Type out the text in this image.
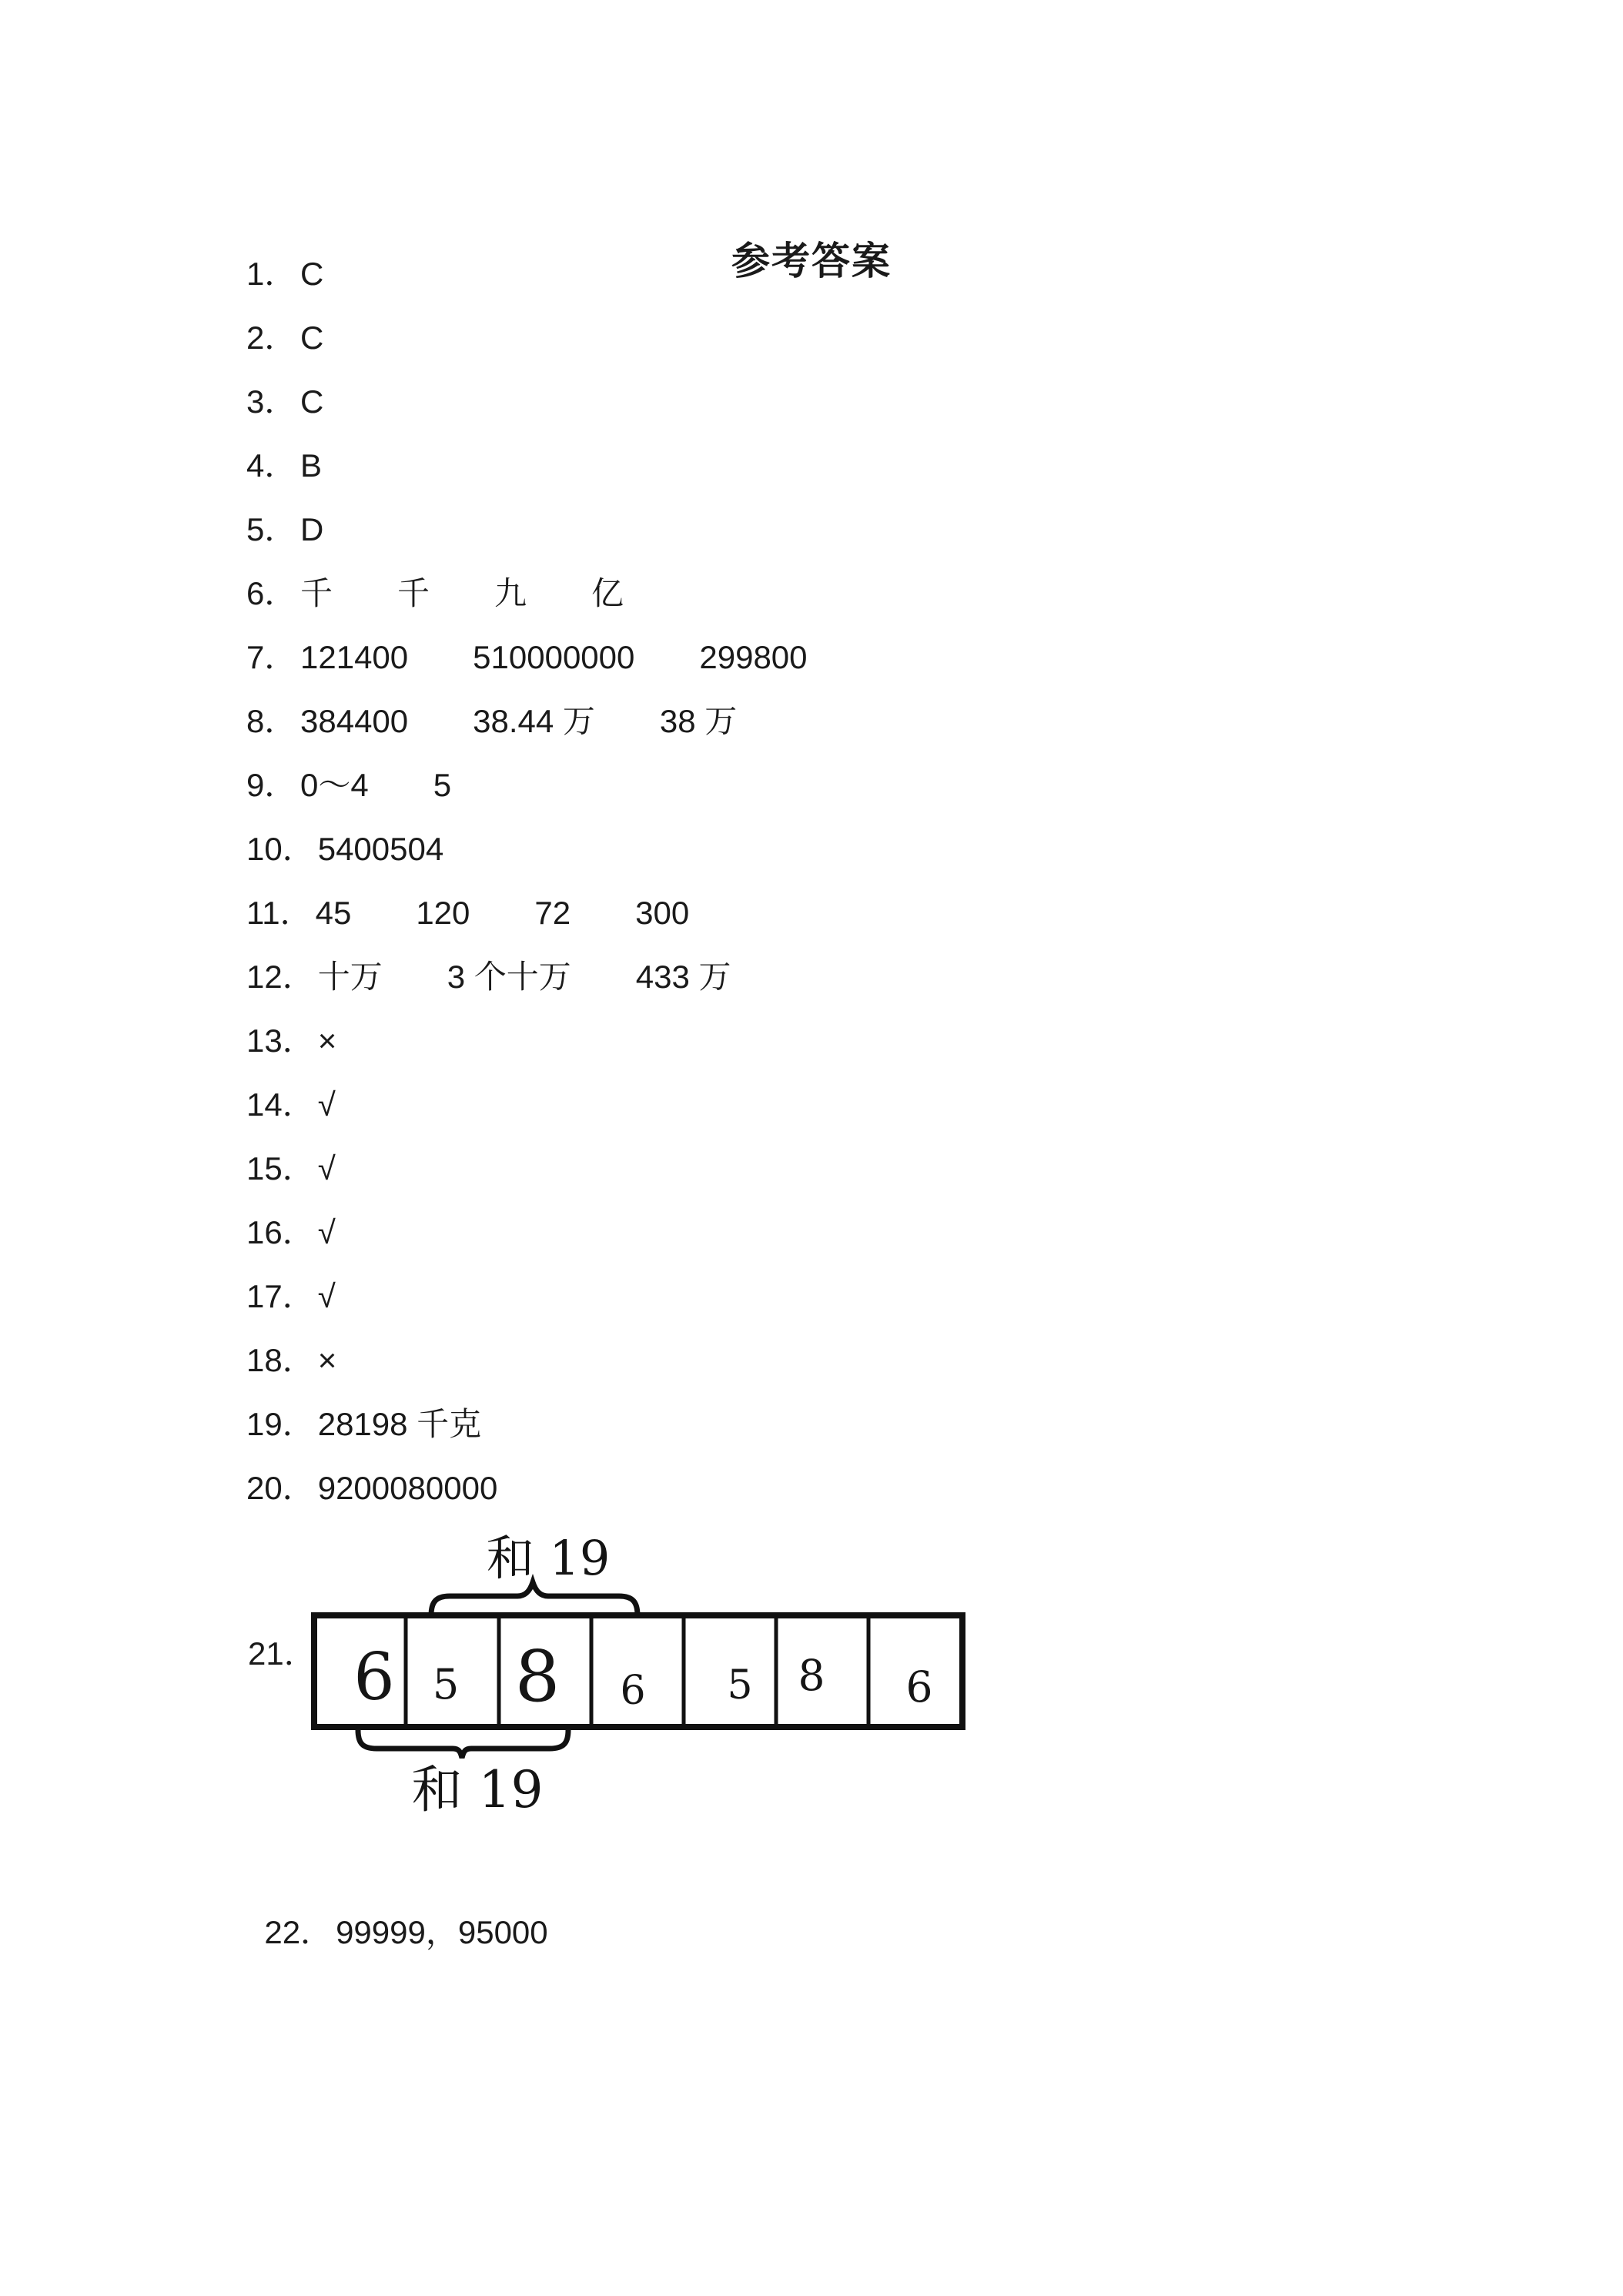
参考答案
1． C
2． C
3． C
4． B
5． D
6． 千　　千　　九　　亿
7． 121400　　510000000　　299800
8． 384400　　38.44 万　　38 万
9． 0～4　　5
10．5400504
11．45　　120　　72　　300
12．十万　　3 个十万　　433 万
13．×
14．√
15．√
16．√
17．√
18．×
19．28198 千克
20．9200080000
21．
和 19
6 5 8 6 5 8 6
和 19

22．99999，95000
